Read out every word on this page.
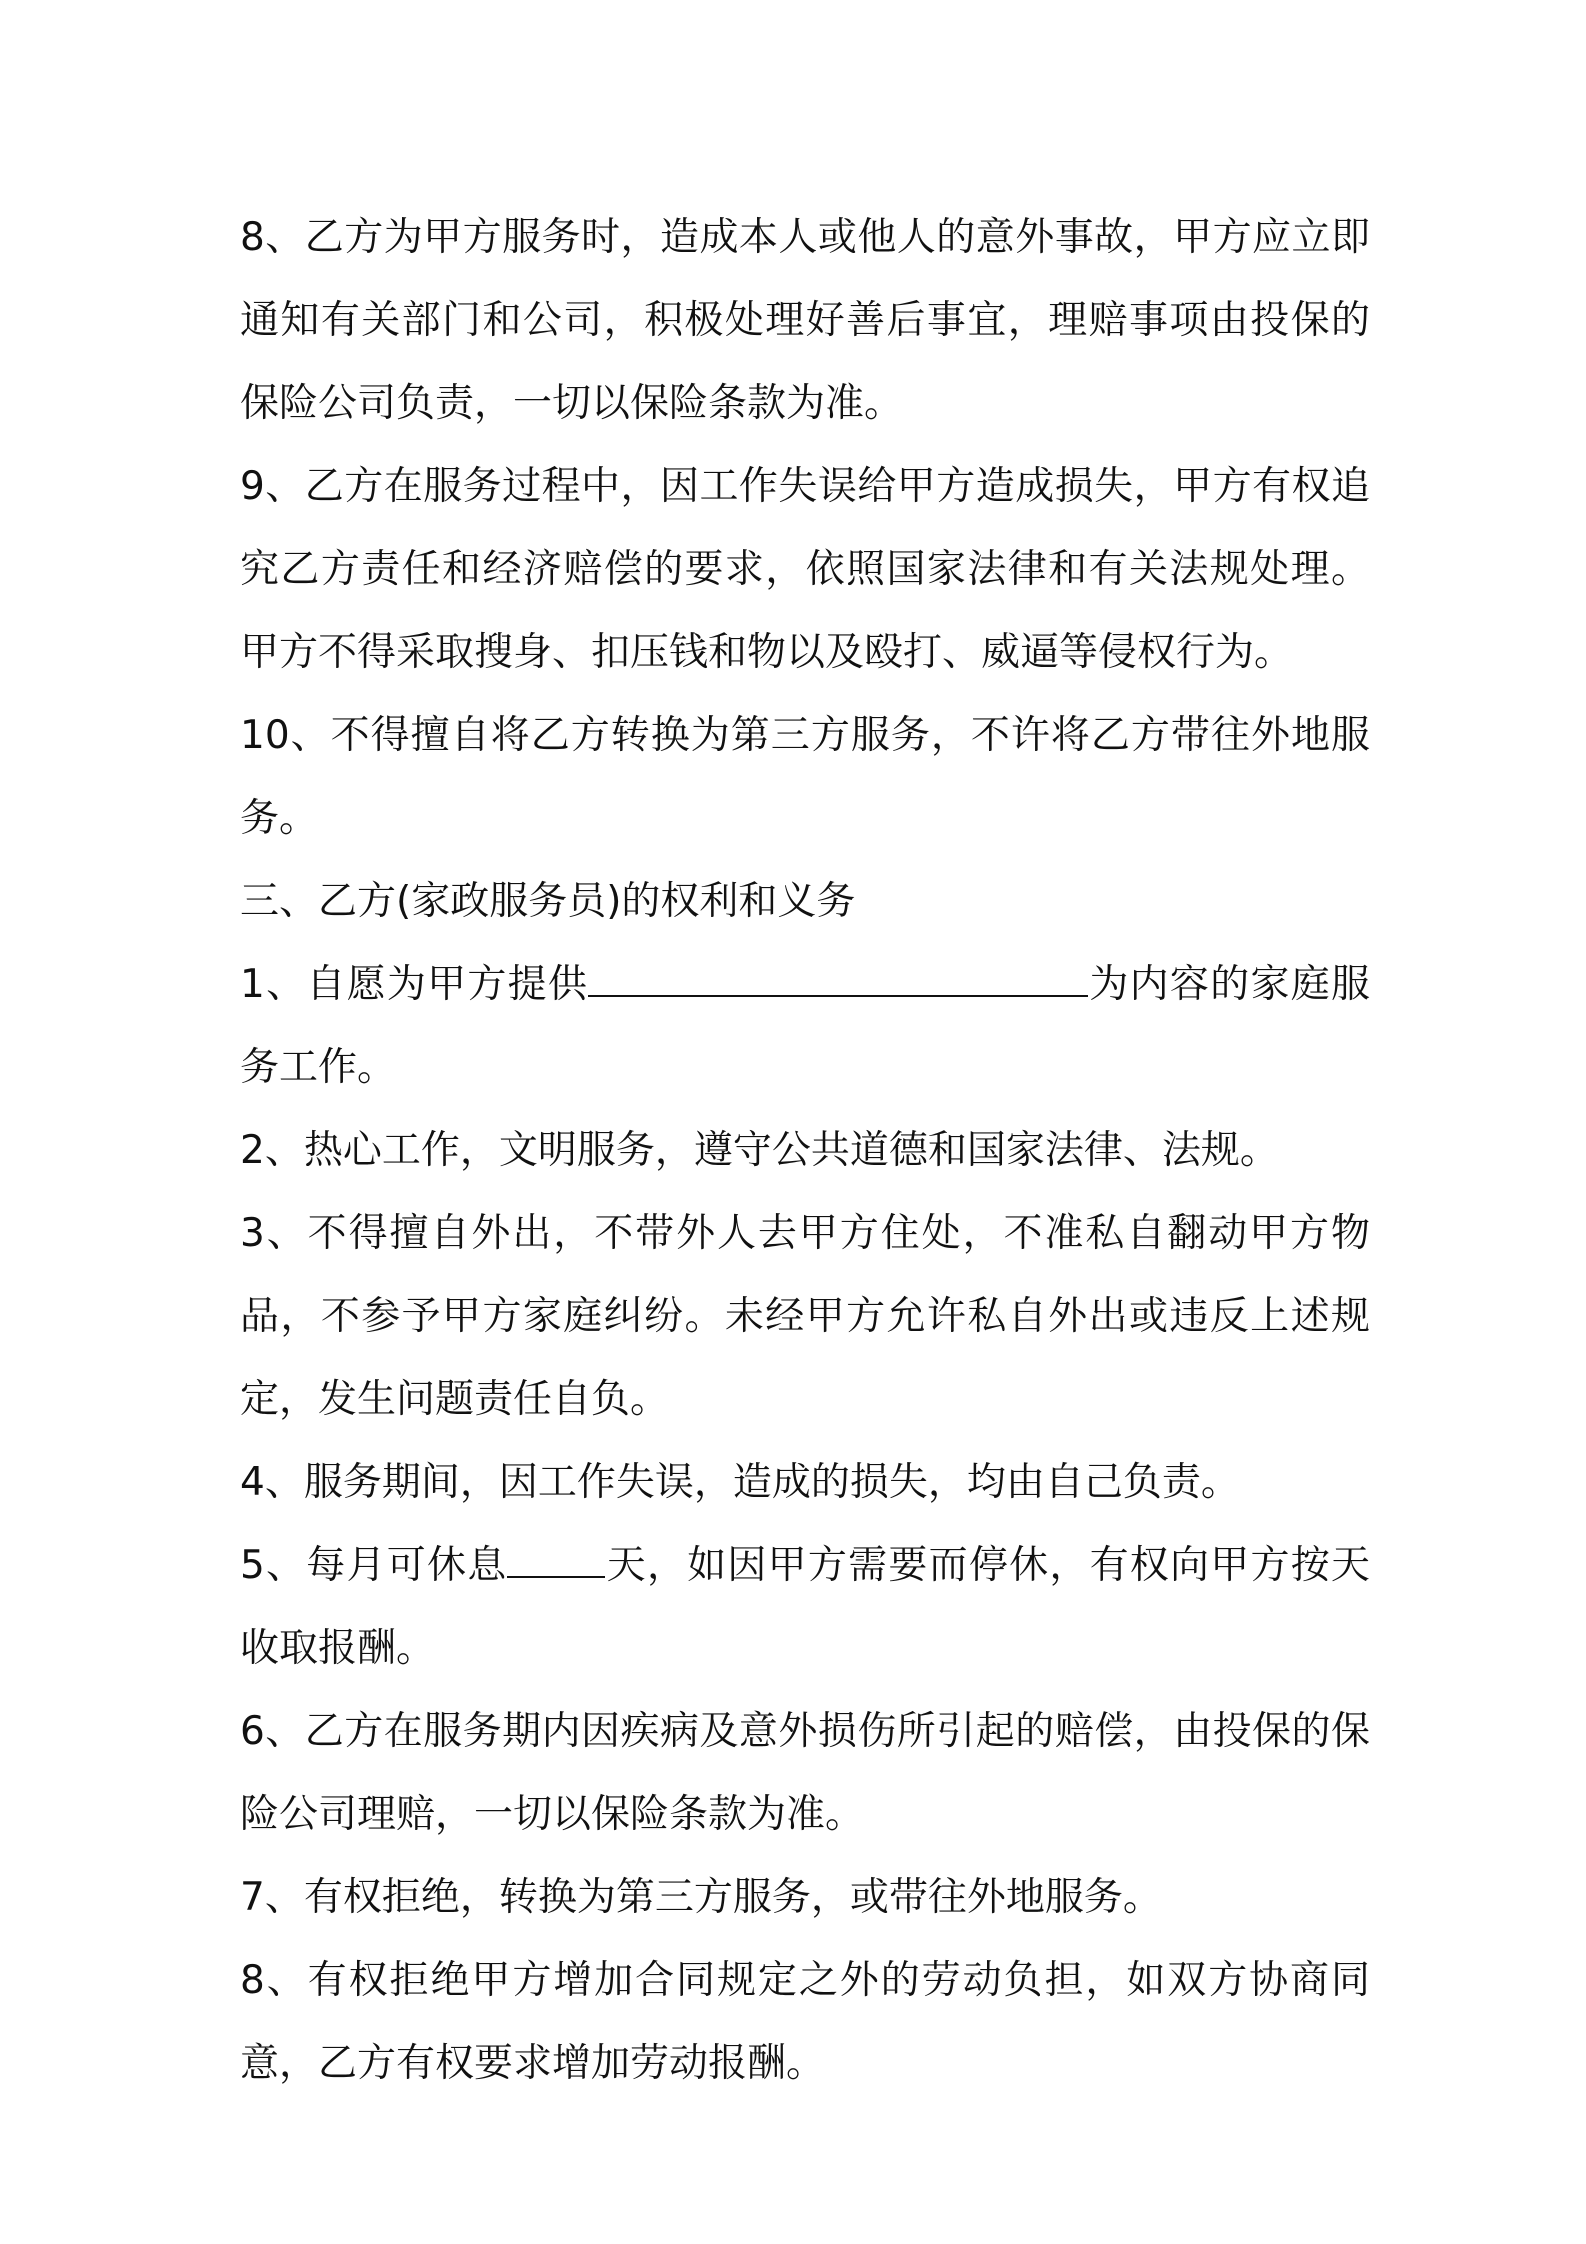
8、乙方为甲方服务时，造成本人或他人的意外事故，甲方应立即通知有关部门和公司，积极处理好善后事宜，理赔事项由投保的保险公司负责，一切以保险条款为准。

9、乙方在服务过程中，因工作失误给甲方造成损失，甲方有权追究乙方责任和经济赔偿的要求，依照国家法律和有关法规处理。甲方不得采取搜身、扣压钱和物以及殴打、威逼等侵权行为。

10、不得擅自将乙方转换为第三方服务，不许将乙方带往外地服务。

三、乙方(家政服务员)的权利和义务

1、自愿为甲方提供	为内容的家庭服务工作。

2、热心工作，文明服务，遵守公共道德和国家法律、法规。

3、不得擅自外出，不带外人去甲方住处，不准私自翻动甲方物品，不参予甲方家庭纠纷。未经甲方允许私自外出或违反上述规定，发生问题责任自负。

4、服务期间，因工作失误，造成的损失，均由自己负责。

5、每月可休息	天，如因甲方需要而停休，有权向甲方按天收取报酬。

6、乙方在服务期内因疾病及意外损伤所引起的赔偿，由投保的保险公司理赔，一切以保险条款为准。

7、有权拒绝，转换为第三方服务，或带往外地服务。

8、有权拒绝甲方增加合同规定之外的劳动负担，如双方协商同意，乙方有权要求增加劳动报酬。
